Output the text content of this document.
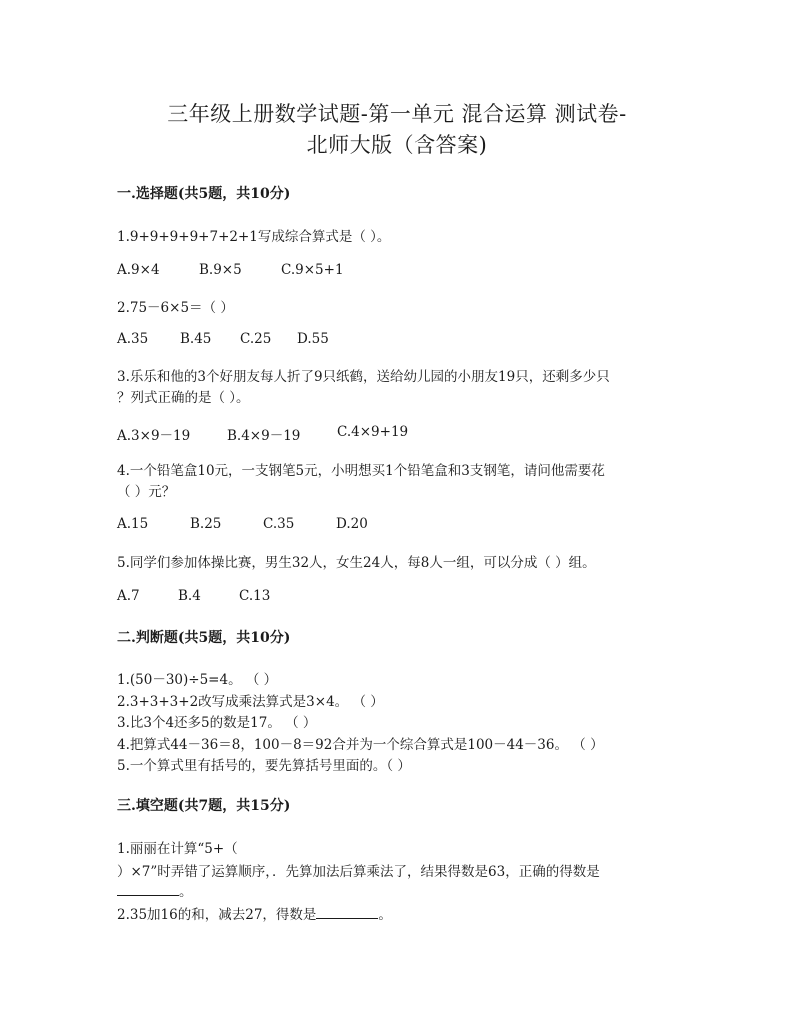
三年级上册数学试题-第一单元 混合运算 测试卷-
北师大版（含答案)
一.选择题(共5题，共10分)
1.9+9+9+9+7+2+1写成综合算式是（ ）。
A.9×4	B.9×5	C.9×5+1
2.75－6×5＝（ ）
A.35 B.45 C.25 D.55
3.乐乐和他的3个好朋友每人折了9只纸鹤，送给幼儿园的小朋友19只，还剩多少只
？列式正确的是（ ）。
A.3×9－19	B.4×9－19	C.4×9+19
4.一个铅笔盒10元，一支钢笔5元，小明想买1个铅笔盒和3支钢笔，请问他需要花
（ ）元？
A.15	B.25	C.35	D.20
5.同学们参加体操比赛，男生32人，女生24人，每8人一组，可以分成（ ）组。
A.7	B.4	C.13
二.判断题(共5题，共10分)
1.(50－30)÷5=4。 （ ）
2.3+3+3+2改写成乘法算式是3×4。 （ ）
3.比3个4还多5的数是17。 （ ）
4.把算式44－36＝8，100－8＝92合并为一个综合算式是100－44－36。 （ ）
5.一个算式里有括号的，要先算括号里面的。（ ）
三.填空题(共7题，共15分)
1.丽丽在计算“5+（
）×7”时弄错了运算顺序，．先算加法后算乘法了，结果得数是63，正确的得数是
。
2.35加16的和，减去27，得数是	。
